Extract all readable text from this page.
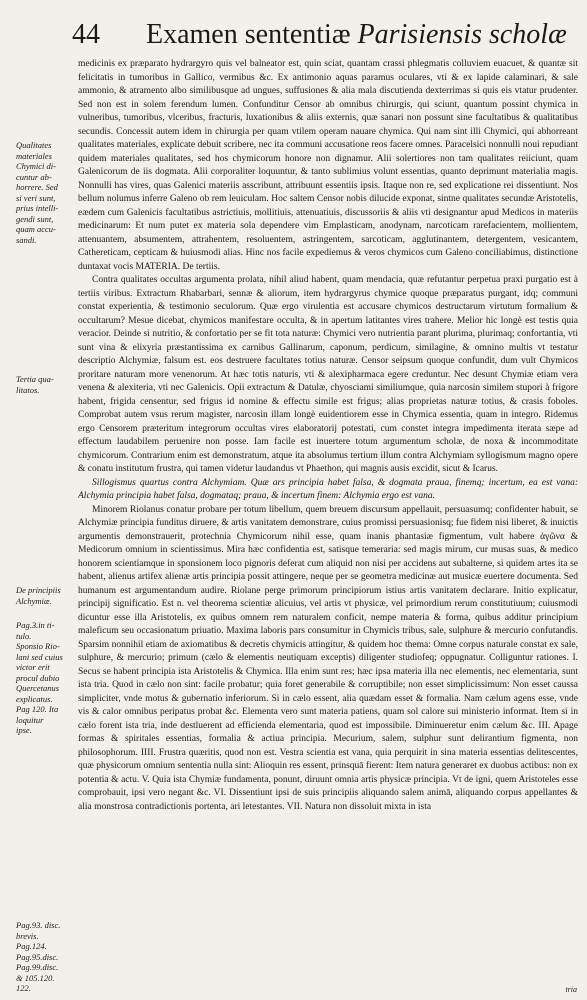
44 Examen sententiæ Parisiensis scholæ

Qualitates
materiales
Chymici di-
cuntur ab-
horrere. Sed
si veri sunt,
prius intelli-
gendi sunt,
quam accu-
sandi.

Tertia qua-
litatos.

De principiis
Alchymiæ.

Pag.3.in ti-
tulo.
Sponsio Rio-
lani sed cuius
victor erit
procul dubio
Quercetanus
explicatus.
Pag 120. Ita
loquitur
ipse.

Pag.93. disc.
brevis.
Pag.124.
Pag.95.disc.
Pag.99.disc.
& 105.120.
122.

medicinis ex præparato hydrargyro quis vel balneator est, quin sciat, quantam crassi phlegmatis colluviem euacuet, & quantæ sit felicitatis in tumoribus in Gallico, vermibus &c. Ex antimonio aquas paramus oculares, vti & ex lapide calaminari, & sale ammonio, & atramento albo similibusque ad ungues, suffusiones & alia mala discutienda dexterrimas si quis eis vtatur prudenter. Sed non est in solem ferendum lumen. Confunditur Censor ab omnibus chirurgis, qui sciunt, quantum possint chymica in vulneribus, tumoribus, vlceribus, fracturis, luxationibus & aliis externis, quæ sanari non possunt sine facultatibus & qualitatibus secundis. Concessit autem idem in chirurgia per quam vtilem operam nauare chymica. Qui nam sint illi Chymici, qui abhorreant qualitates materiales, explicate debuit scribere, nec ita communi accusatione reos facere omnes. Paracelsici nonnulli noui repudiant quidem materiales qualitates, sed hos chymicorum honore non dignamur. Alii solertiores non tam qualitates reiiciunt, quam Galenicorum de iis dogmata. Alii corporaliter loquuntur, & tanto sublimius volunt essentias, quanto deprimunt materialia magis. Nonnulli has vires, quas Galenici materiis asscribunt, attribuunt essentiis ipsis. Itaque non re, sed explicatione rei dissentiunt. Nos bellum nolumus inferre Galeno ob rem leuiculam. Hoc saltem Censor nobis dilucide exponat, sintne qualitates secundæ Aristotelis, eædem cum Galenicis facultatibus astrictiuis, mollitiuis, attenuatiuis, discussoriis & aliis vti designantur apud Medicos in materiis medicinarum: Et num putet ex materia sola dependere vim Emplasticam, anodynam, narcoticam rarefacientem, mollientem, attenuantem, absumentem, attrahentem, resoluentem, astringentem, sarcoticam, agglutinantem, detergentem, vesicantem, Cathereticam, cepticam & huiusmodi alias. Hinc nos facile expediemus & veros chymicos cum Galeno conciliabimus, distinctione duntaxat vocis MATERIA. De tertiis.

Contra qualitates occultas argumenta prolata, nihil aliud habent, quam mendacia, quæ refutantur perpetua praxi purgatio est à tertiis viribus. Extractum Rhabarbari, sennæ & aliorum, item hydrargyrus chymice quoque præparatus purgant, idq; communi constat experientia, & testimonio seculorum. Quæ ergo virulentia est accusare chymicos destructarum virtutum formalium & occultarum? Mesue dicebat, chymicos manifestare occulta, & in apertum latitantes vires trahere. Melior hic longè est testis quia veracior. Deinde si nutritio, & confortatio per se fit tota naturæ: Chymici vero nutrientia parant plurima, plurimaq; confortantia, vti sunt vina & elixyria præstantissima ex carnibus Gallinarum, caponum, perdicum, similagine, & omnino multis vt testatur descriptio Alchymiæ, falsum est. eos destruere facultates totius naturæ. Censor seipsum quoque confundit, dum vult Chymicos proritare naturam more venenorum. At hæc totis naturis, vti & alexipharmaca egere creduntur. Nec desunt Chymiæ etiam vera venena & alexiteria, vti nec Galenicis. Opii extractum & Datulæ, chyosciami similiumque, quia narcosin similem stupori à frigore habent, frigida censentur, sed frigus id nomine & effectu simile est frigus; alias proprietas naturæ totius, & crasis foboles. Comprobat autem vsus rerum magister, narcosin illam longè euidentiorem esse in Chymica essentia, quam in integro. Ridemus ergo Censorem præteritum integrorum occultas vires elaboratorij potestati, cum constet integra impedimenta iterata sæpe ad effectum laudabilem peruenire non posse. Iam facile est inuertere totum argumentum scholæ, de noxa & incommoditate chymicorum. Contrarium enim est demonstratum, atque ita absolumus tertium illum contra Alchymiam syllogismum magno opere & conatu institutum frustra, qui tamen videtur laudandus vt Phaethon, qui magnis ausis excidit, sicut & Icarus.

Sillogismus quartus contra Alchymiam. Quæ ars principia habet falsa, & dogmata praua, finemq; incertum, ea est vana: Alchymia principia habet falsa, dogmataq; praua, & incertum finem: Alchymia ergo est vana.

Minorem Riolanus conatur probare per totum libellum, quem breuem discursum appellauit, persuasumq; confidenter habuit, se Alchymiæ principia funditus diruere, & artis vanitatem demonstrare, cuius promissi persuasionisq; fue fidem nisi liberet, & inuictis argumentis demonstrauerit, protechnia Chymicorum nihil esse, quam inanis phantasiæ figmentum, vult habere ἀγῶνα & Medicorum omnium in scientissimus. Mira hæc confidentia est, satisque temeraria: sed magis mirum, cur musas suas, & medico honorem scientiamque in sponsionem loco pignoris deferat cum aliquid non nisi per accidens aut subalterne, si quidem artes ita se habent, alienus artifex alienæ artis principia possit attingere, neque per se geometra medicinæ aut musicæ euertere documenta. Sed humanum est argumentandum audire. Riolane perge primorum principiorum istius artis vanitatem declarare. Initio explicatur, principij significatio. Est n. vel theorema scientiæ alicuius, vel artis vt physicæ, vel primordium rerum constitutiuum; cuiusmodi dicuntur esse illa Aristotelis, ex quibus omnem rem naturalem conficit, nempe materia & forma, quibus additur principium maleficum seu occasionatum priuatio. Maxima laboris pars consumitur in Chymicis tribus, sale, sulphure & mercurio confutandis. Sparsim nonnihil etiam de axiomatibus & decretis chymicis attingitur, & quidem hoc thema: Omne corpus naturale constat ex sale, sulphure, & mercurio; primum (cælo & elementis neutiquam exceptis) diligenter studiofeq; oppugnatur. Colliguntur rationes. I. Secus se habent principia ista Aristotelis & Chymica. Illa enim sunt res; hæc ipsa materia illa nec elementis, nec elementaria, sunt ista tria. Quod in cælo non sint: facile probatur; quia foret generabile & corruptibile; non esset simplicissimum: Non esset caussa simpliciter, vnde motus & gubernatio inferiorum. Si in cælo essent, alia quædam esset & formalia. Nam cælum agens esse, vnde vis & calor omnibus peripatus probat &c. Elementa vero sunt materia patiens, quam sol calore sui ministerio informat. Item si in cælo forent ista tria, inde destluerent ad efficienda elementaria, quod est impossibile. Diminueretur enim cælum &c. III. Apage formas & spiritales essentias, formalia & actiua principia. Mecurium, salem, sulphur sunt delirantium figmenta, non philosophorum. IIII. Frustra quæritis, quod non est. Vestra scientia est vana, quia perquirit in sina materia essentias delitescentes, quæ physicorum omnium sententia nulla sint: Alioquin res essent, prinsquā fierent: Item natura generaret ex duobus actibus: non ex potentia & actu. V. Quia ista Chymiæ fundamenta, ponunt, diruunt omnia artis physicæ principia. Vt de igni, quem Aristoteles esse comprobauit, ipsi vero negant &c. VI. Dissentiunt ipsi de suis principiis aliquando salem animā, aliquando corpus appellantes & alia monstrosa contradictionis portenta, ari letestantes. VII. Natura non dissoluit mixta in ista

tria
